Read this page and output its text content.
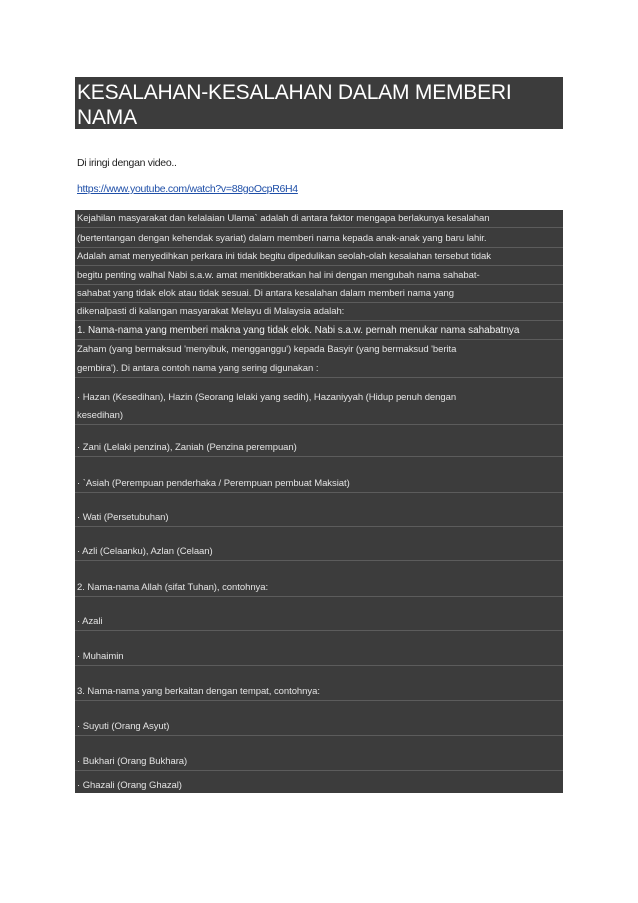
KESALAHAN-KESALAHAN DALAM MEMBERI
NAMA
Di iringi dengan video..
https://www.youtube.com/watch?v=88goOcpR6H4
Kejahilan masyarakat dan kelalaian Ulama` adalah di antara faktor mengapa berlakunya kesalahan
(bertentangan dengan kehendak syariat) dalam memberi nama kepada anak-anak yang baru lahir.
Adalah amat menyedihkan perkara ini tidak begitu dipedulikan seolah-olah kesalahan tersebut tidak
begitu penting walhal Nabi s.a.w. amat menitikberatkan hal ini dengan mengubah nama sahabat-
sahabat yang tidak elok atau tidak sesuai. Di antara kesalahan dalam memberi nama yang
dikenalpasti di kalangan masyarakat Melayu di Malaysia adalah:
1. Nama-nama yang memberi makna yang tidak elok. Nabi s.a.w. pernah menukar nama sahabatnya
Zaham (yang bermaksud 'menyibuk, mengganggu') kepada Basyir (yang bermaksud 'berita
gembira'). Di antara contoh nama yang sering digunakan :
· Hazan (Kesedihan), Hazin (Seorang lelaki yang sedih), Hazaniyyah (Hidup penuh dengan
kesedihan)
· Zani (Lelaki penzina), Zaniah (Penzina perempuan)
· `Asiah (Perempuan penderhaka / Perempuan pembuat Maksiat)
· Wati (Persetubuhan)
· Azli (Celaanku), Azlan (Celaan)
2. Nama-nama Allah (sifat Tuhan), contohnya:
· Azali
· Muhaimin
3. Nama-nama yang berkaitan dengan tempat, contohnya:
· Suyuti (Orang Asyut)
· Bukhari (Orang Bukhara)
· Ghazali (Orang Ghazal)
